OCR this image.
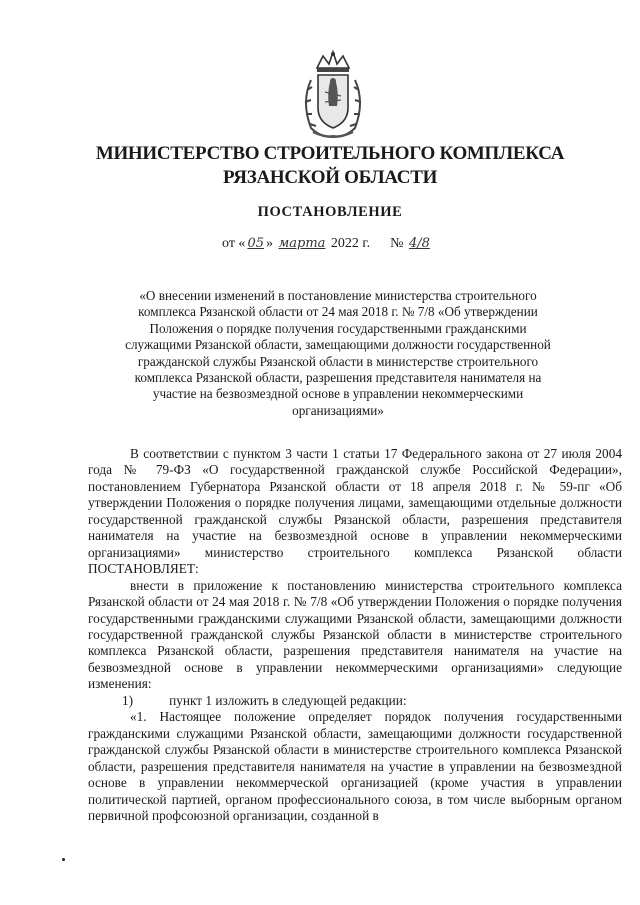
МИНИСТЕРСТВО СТРОИТЕЛЬНОГО КОМПЛЕКСА
РЯЗАНСКОЙ ОБЛАСТИ
ПОСТАНОВЛЕНИЕ
от « 05 » марта 2022 г. № 4/8
«О внесении изменений в постановление министерства строительного комплекса Рязанской области от 24 мая 2018 г. № 7/8 «Об утверждении Положения о порядке получения государственными гражданскими служащими Рязанской области, замещающими должности государственной гражданской службы Рязанской области в министерстве строительного комплекса Рязанской области, разрешения представителя нанимателя на участие на безвозмездной основе в управлении некоммерческими организациями»

В соответствии с пунктом 3 части 1 статьи 17 Федерального закона от 27 июля 2004 года № 79-ФЗ «О государственной гражданской службе Российской Федерации», постановлением Губернатора Рязанской области от 18 апреля 2018 г. № 59-пг «Об утверждении Положения о порядке получения лицами, замещающими отдельные должности государственной гражданской службы Рязанской области, разрешения представителя нанимателя на участие на безвозмездной основе в управлении некоммерческими организациями» министерство строительного комплекса Рязанской области ПОСТАНОВЛЯЕТ:

внести в приложение к постановлению министерства строительного комплекса Рязанской области от 24 мая 2018 г. № 7/8 «Об утверждении Положения о порядке получения государственными гражданскими служащими Рязанской области, замещающими должности государственной гражданской службы Рязанской области в министерстве строительного комплекса Рязанской области, разрешения представителя нанимателя на участие на безвозмездной основе в управлении некоммерческими организациями» следующие изменения:

1)	пункт 1 изложить в следующей редакции:

«1. Настоящее положение определяет порядок получения государственными гражданскими служащими Рязанской области, замещающими должности государственной гражданской службы Рязанской области в министерстве строительного комплекса Рязанской области, разрешения представителя нанимателя на участие в управлении на безвозмездной основе в управлении некоммерческой организацией (кроме участия в управлении политической партией, органом профессионального союза, в том числе выборным органом первичной профсоюзной организации, созданной в
